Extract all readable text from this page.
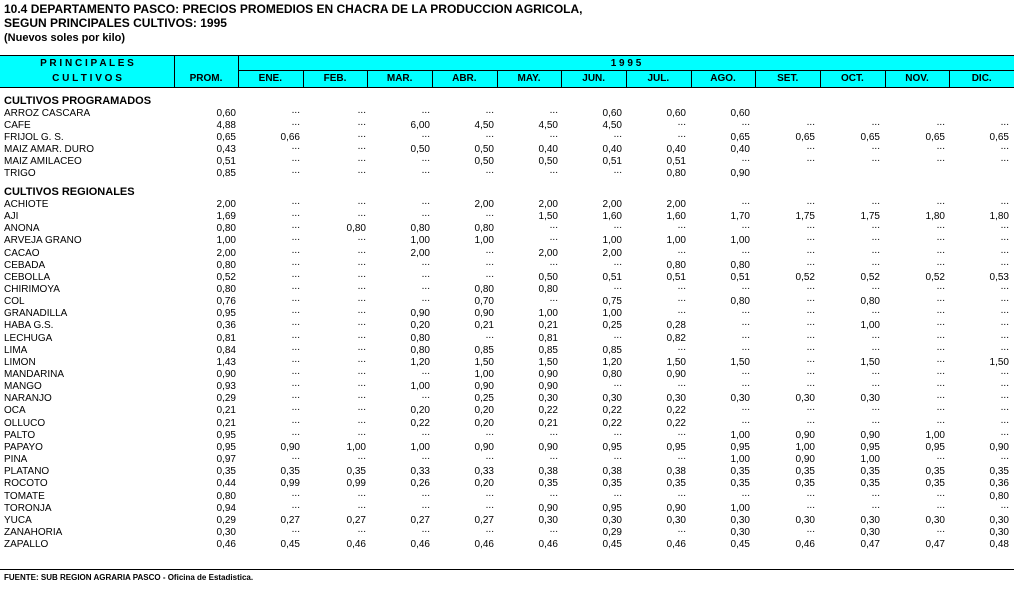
10.4 DEPARTAMENTO PASCO: PRECIOS PROMEDIOS EN CHACRA DE LA PRODUCCION AGRICOLA,
SEGUN PRINCIPALES CULTIVOS: 1995
(Nuevos soles por kilo)
P R I N C I P A L E S
C U L T I V O S	PROM.
1 9 9 5
ENE.	FEB.	MAR.	ABR.	MAY.	JUN.	JUL.	AGO.	SET.	OCT.	NOV.	DIC.
CULTIVOS PROGRAMADOS
ARROZ CASCARA	0,60	...	...	...	...	...	0,60	0,60	0,60
CAFE	4,88	...	...	6,00	4,50	4,50	4,50	...	...	...	...	...	...
FRIJOL G. S.	0,65	0,66	...	...	...	...	...	...	0,65	0,65	0,65	0,65	0,65
MAIZ AMAR. DURO	0,43	...	...	0,50	0,50	0,40	0,40	0,40	0,40	...	...	...	...
MAIZ AMILACEO	0,51	...	...	...	0,50	0,50	0,51	0,51	...	...	...	...	...
TRIGO	0,85	...	...	...	...	...	...	0,80	0,90
CULTIVOS REGIONALES
ACHIOTE	2,00	...	...	...	2,00	2,00	2,00	2,00	...	...	...	...	...
AJI	1,69	...	...	...	...	1,50	1,60	1,60	1,70	1,75	1,75	1,80	1,80
ANONA	0,80	...	0,80	0,80	0,80	...	...	...	...	...	...	...	...
ARVEJA GRANO	1,00	...	...	1,00	1,00	...	1,00	1,00	1,00	...	...	...	...
CACAO	2,00	...	...	2,00	...	2,00	2,00	...	...	...	...	...	...
CEBADA	0,80	...	...	...	...	...	...	0,80	0,80	...	...	...	...
CEBOLLA	0,52	...	...	...	...	0,50	0,51	0,51	0,51	0,52	0,52	0,52	0,53
CHIRIMOYA	0,80	...	...	...	0,80	0,80	...	...	...	...	...	...	...
COL	0,76	...	...	...	0,70	...	0,75	...	0,80	...	0,80	...	...
GRANADILLA	0,95	...	...	0,90	0,90	1,00	1,00	...	...	...	...	...	...
HABA G.S.	0,36	...	...	0,20	0,21	0,21	0,25	0,28	...	...	1,00	...	...
LECHUGA	0,81	...	...	0,80	...	0,81	...	0,82	...	...	...	...	...
LIMA	0,84	...	...	0,80	0,85	0,85	0,85	...	...	...	...	...	...
LIMON	1,43	...	...	1,20	1,50	1,50	1,20	1,50	1,50	...	1,50	...	1,50
MANDARINA	0,90	...	...	...	1,00	0,90	0,80	0,90	...	...	...	...	...
MANGO	0,93	...	...	1,00	0,90	0,90	...	...	...	...	...	...	...
NARANJO	0,29	...	...	...	0,25	0,30	0,30	0,30	0,30	0,30	0,30	...	...
OCA	0,21	...	...	0,20	0,20	0,22	0,22	0,22	...	...	...	...	...
OLLUCO	0,21	...	...	0,22	0,20	0,21	0,22	0,22	...	...	...	...	...
PALTO	0,95	...	...	...	...	...	...	...	1,00	0,90	0,90	1,00	...
PAPAYO	0,95	0,90	1,00	1,00	0,90	0,90	0,95	0,95	0,95	1,00	0,95	0,95	0,90
PINA	0,97	...	...	...	...	...	...	...	1,00	0,90	1,00	...	...
PLATANO	0,35	0,35	0,35	0,33	0,33	0,38	0,38	0,38	0,35	0,35	0,35	0,35	0,35
ROCOTO	0,44	0,99	0,99	0,26	0,20	0,35	0,35	0,35	0,35	0,35	0,35	0,35	0,36
TOMATE	0,80	...	...	...	...	...	...	...	...	...	...	...	0,80
TORONJA	0,94	...	...	...	...	0,90	0,95	0,90	1,00	...	...	...	...
YUCA	0,29	0,27	0,27	0,27	0,27	0,30	0,30	0,30	0,30	0,30	0,30	0,30	0,30
ZANAHORIA	0,30	...	...	...	...	...	0,29	...	0,30	...	0,30	...	0,30
ZAPALLO	0,46	0,45	0,46	0,46	0,46	0,46	0,45	0,46	0,45	0,46	0,47	0,47	0,48
FUENTE: SUB REGION AGRARIA PASCO - Oficina de Estadistica.
